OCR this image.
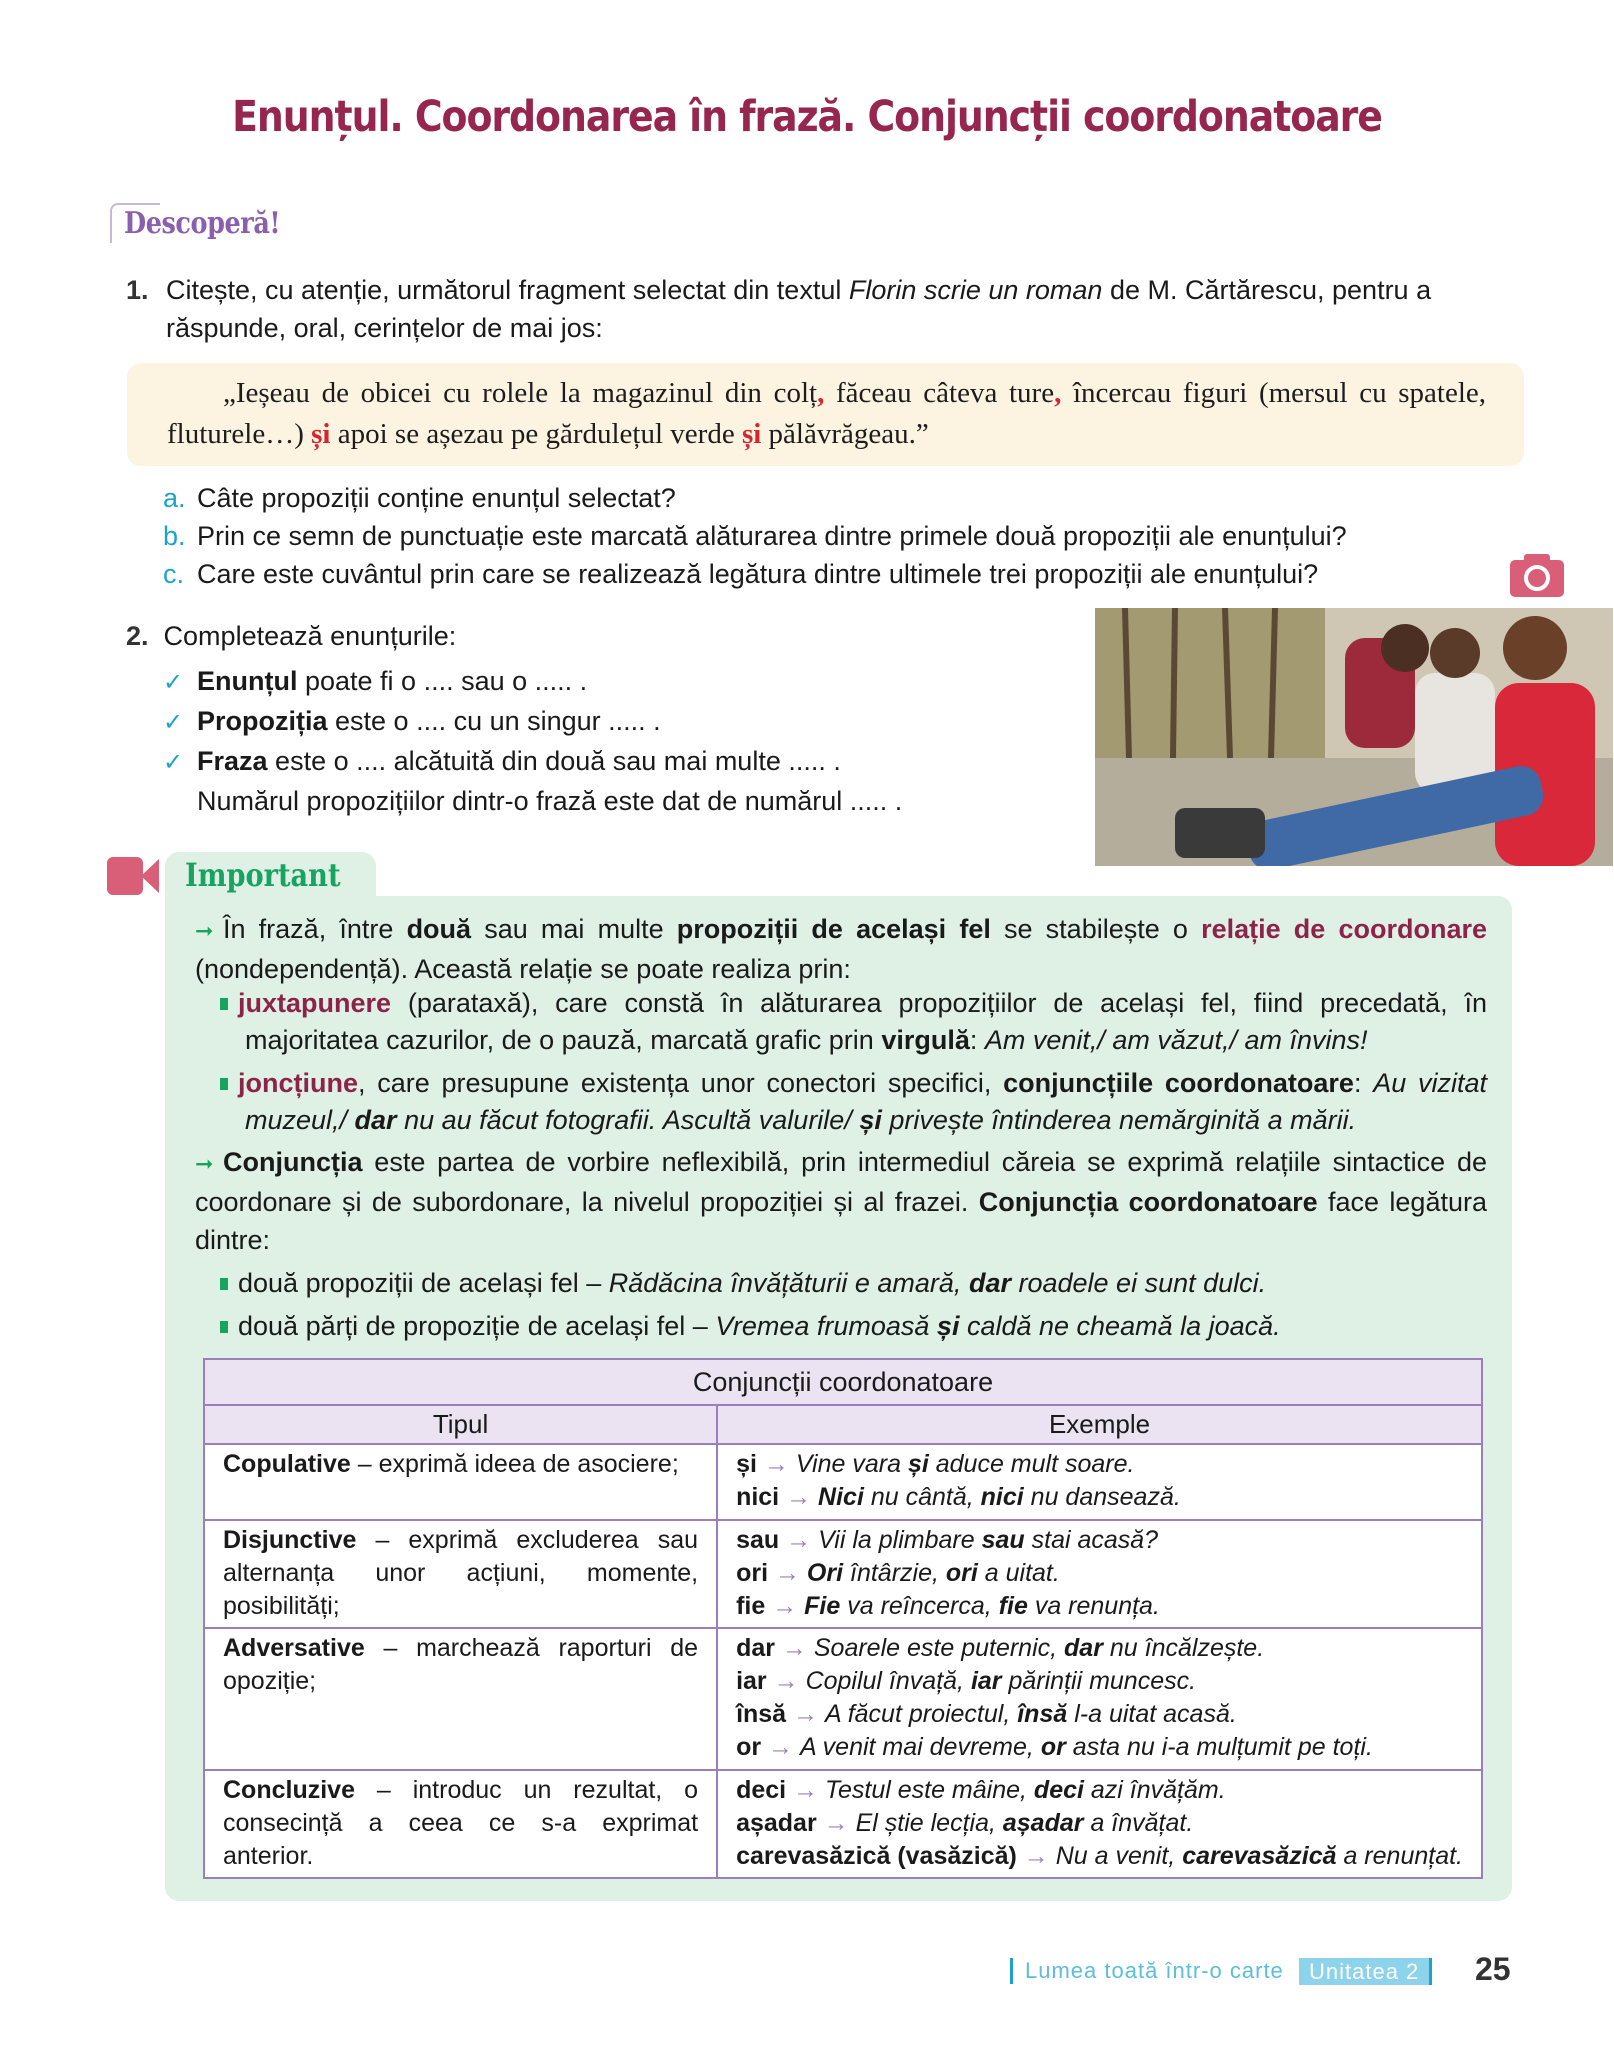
Enunțul. Coordonarea în frază. Conjuncții coordonatoare
Descoperă!
1. Citește, cu atenție, următorul fragment selectat din textul Florin scrie un roman de M. Cărtărescu, pentru a răspunde, oral, cerințelor de mai jos:
„Ieșeau de obicei cu rolele la magazinul din colț, făceau câteva ture, încercau figuri (mersul cu spatele, fluturele…) și apoi se așezau pe gărdulețul verde și pălăvrăgeau.”
a. Câte propoziții conține enunțul selectat?
b. Prin ce semn de punctuație este marcată alăturarea dintre primele două propoziții ale enunțului?
c. Care este cuvântul prin care se realizează legătura dintre ultimele trei propoziții ale enunțului?
2. Completează enunțurile:
✓ Enunțul poate fi o .... sau o ..... .
✓ Propoziția este o .... cu un singur ..... .
✓ Fraza este o .... alcătuită din două sau mai multe ..... .
Numărul propozițiilor dintr-o frază este dat de numărul ..... .
Important
➞ În frază, între două sau mai multe propoziții de același fel se stabilește o relație de coordonare (nondependență). Această relație se poate realiza prin:
juxtapunere (parataxă), care constă în alăturarea propozițiilor de același fel, fiind precedată, în majoritatea cazurilor, de o pauză, marcată grafic prin virgulă: Am venit,/ am văzut,/ am învins!
joncțiune, care presupune existența unor conectori specifici, conjuncțiile coordonatoare: Au vizitat muzeul,/ dar nu au făcut fotografii. Ascultă valurile/ și privește întinderea nemărginită a mării.
➞ Conjuncția este partea de vorbire neflexibilă, prin intermediul căreia se exprimă relațiile sintactice de coordonare și de subordonare, la nivelul propoziției și al frazei. Conjuncția coordonatoare face legătura dintre:
două propoziții de același fel – Rădăcina învățăturii e amară, dar roadele ei sunt dulci.
două părți de propoziție de același fel – Vremea frumoasă și caldă ne cheamă la joacă.
Conjuncții coordonatoare	
Tipul	Exemple
Copulative – exprimă ideea de asociere;	și → Vine vara și aduce mult soare.
nici → Nici nu cântă, nici nu dansează.

Disjunctive – exprimă excluderea sau alternanța unor acțiuni, momente, posibilități;	sau → Vii la plimbare sau stai acasă?
ori → Ori întârzie, ori a uitat.
fie → Fie va reîncerca, fie va renunța.

Adversative – marchează raporturi de opoziție;	dar → Soarele este puternic, dar nu încălzește.
iar → Copilul învață, iar părinții muncesc.
însă → A făcut proiectul, însă l-a uitat acasă.
or → A venit mai devreme, or asta nu i-a mulțumit pe toți.

Concluzive – introduc un rezultat, o consecință a ceea ce s-a exprimat anterior.	deci → Testul este mâine, deci azi învățăm.
așadar → El știe lecția, așadar a învățat.
carevasăzică (vasăzică) → Nu a venit, carevasăzică a renunțat.
Lumea toată într-o carte	Unitatea 2	25
